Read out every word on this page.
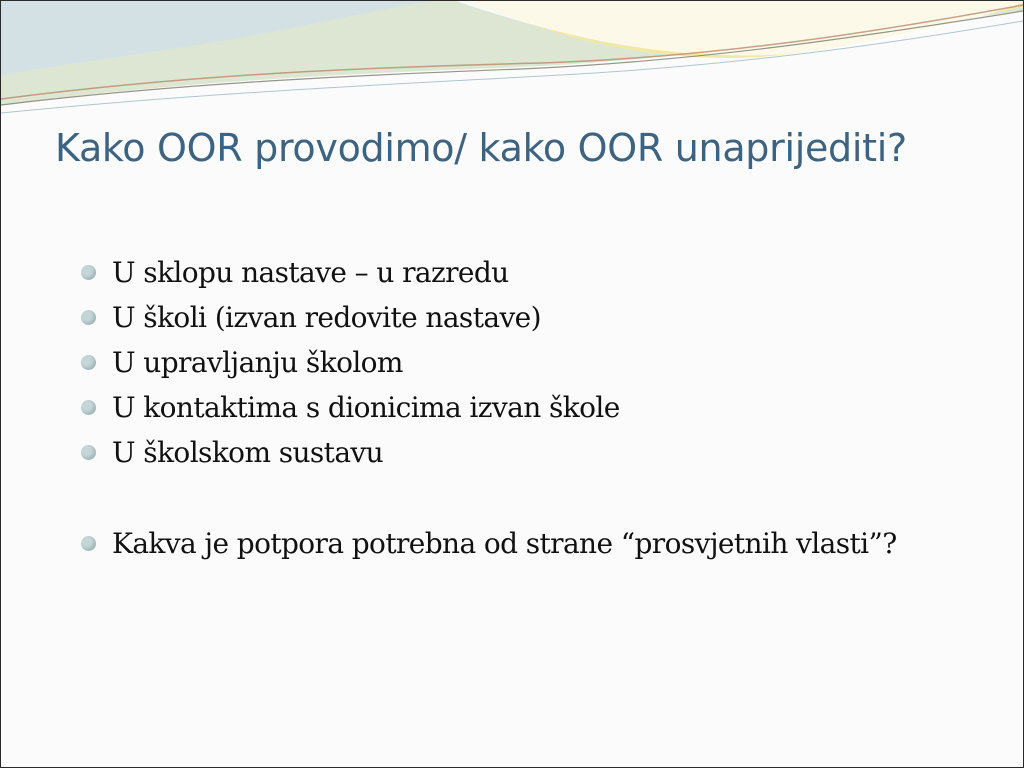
Kako OOR provodimo/ kako OOR unaprijediti?
U sklopu nastave – u razredu
U školi (izvan redovite nastave)
U upravljanju školom
U kontaktima s dionicima izvan škole
U školskom sustavu
Kakva je potpora potrebna od strane “prosvjetnih vlasti”?
